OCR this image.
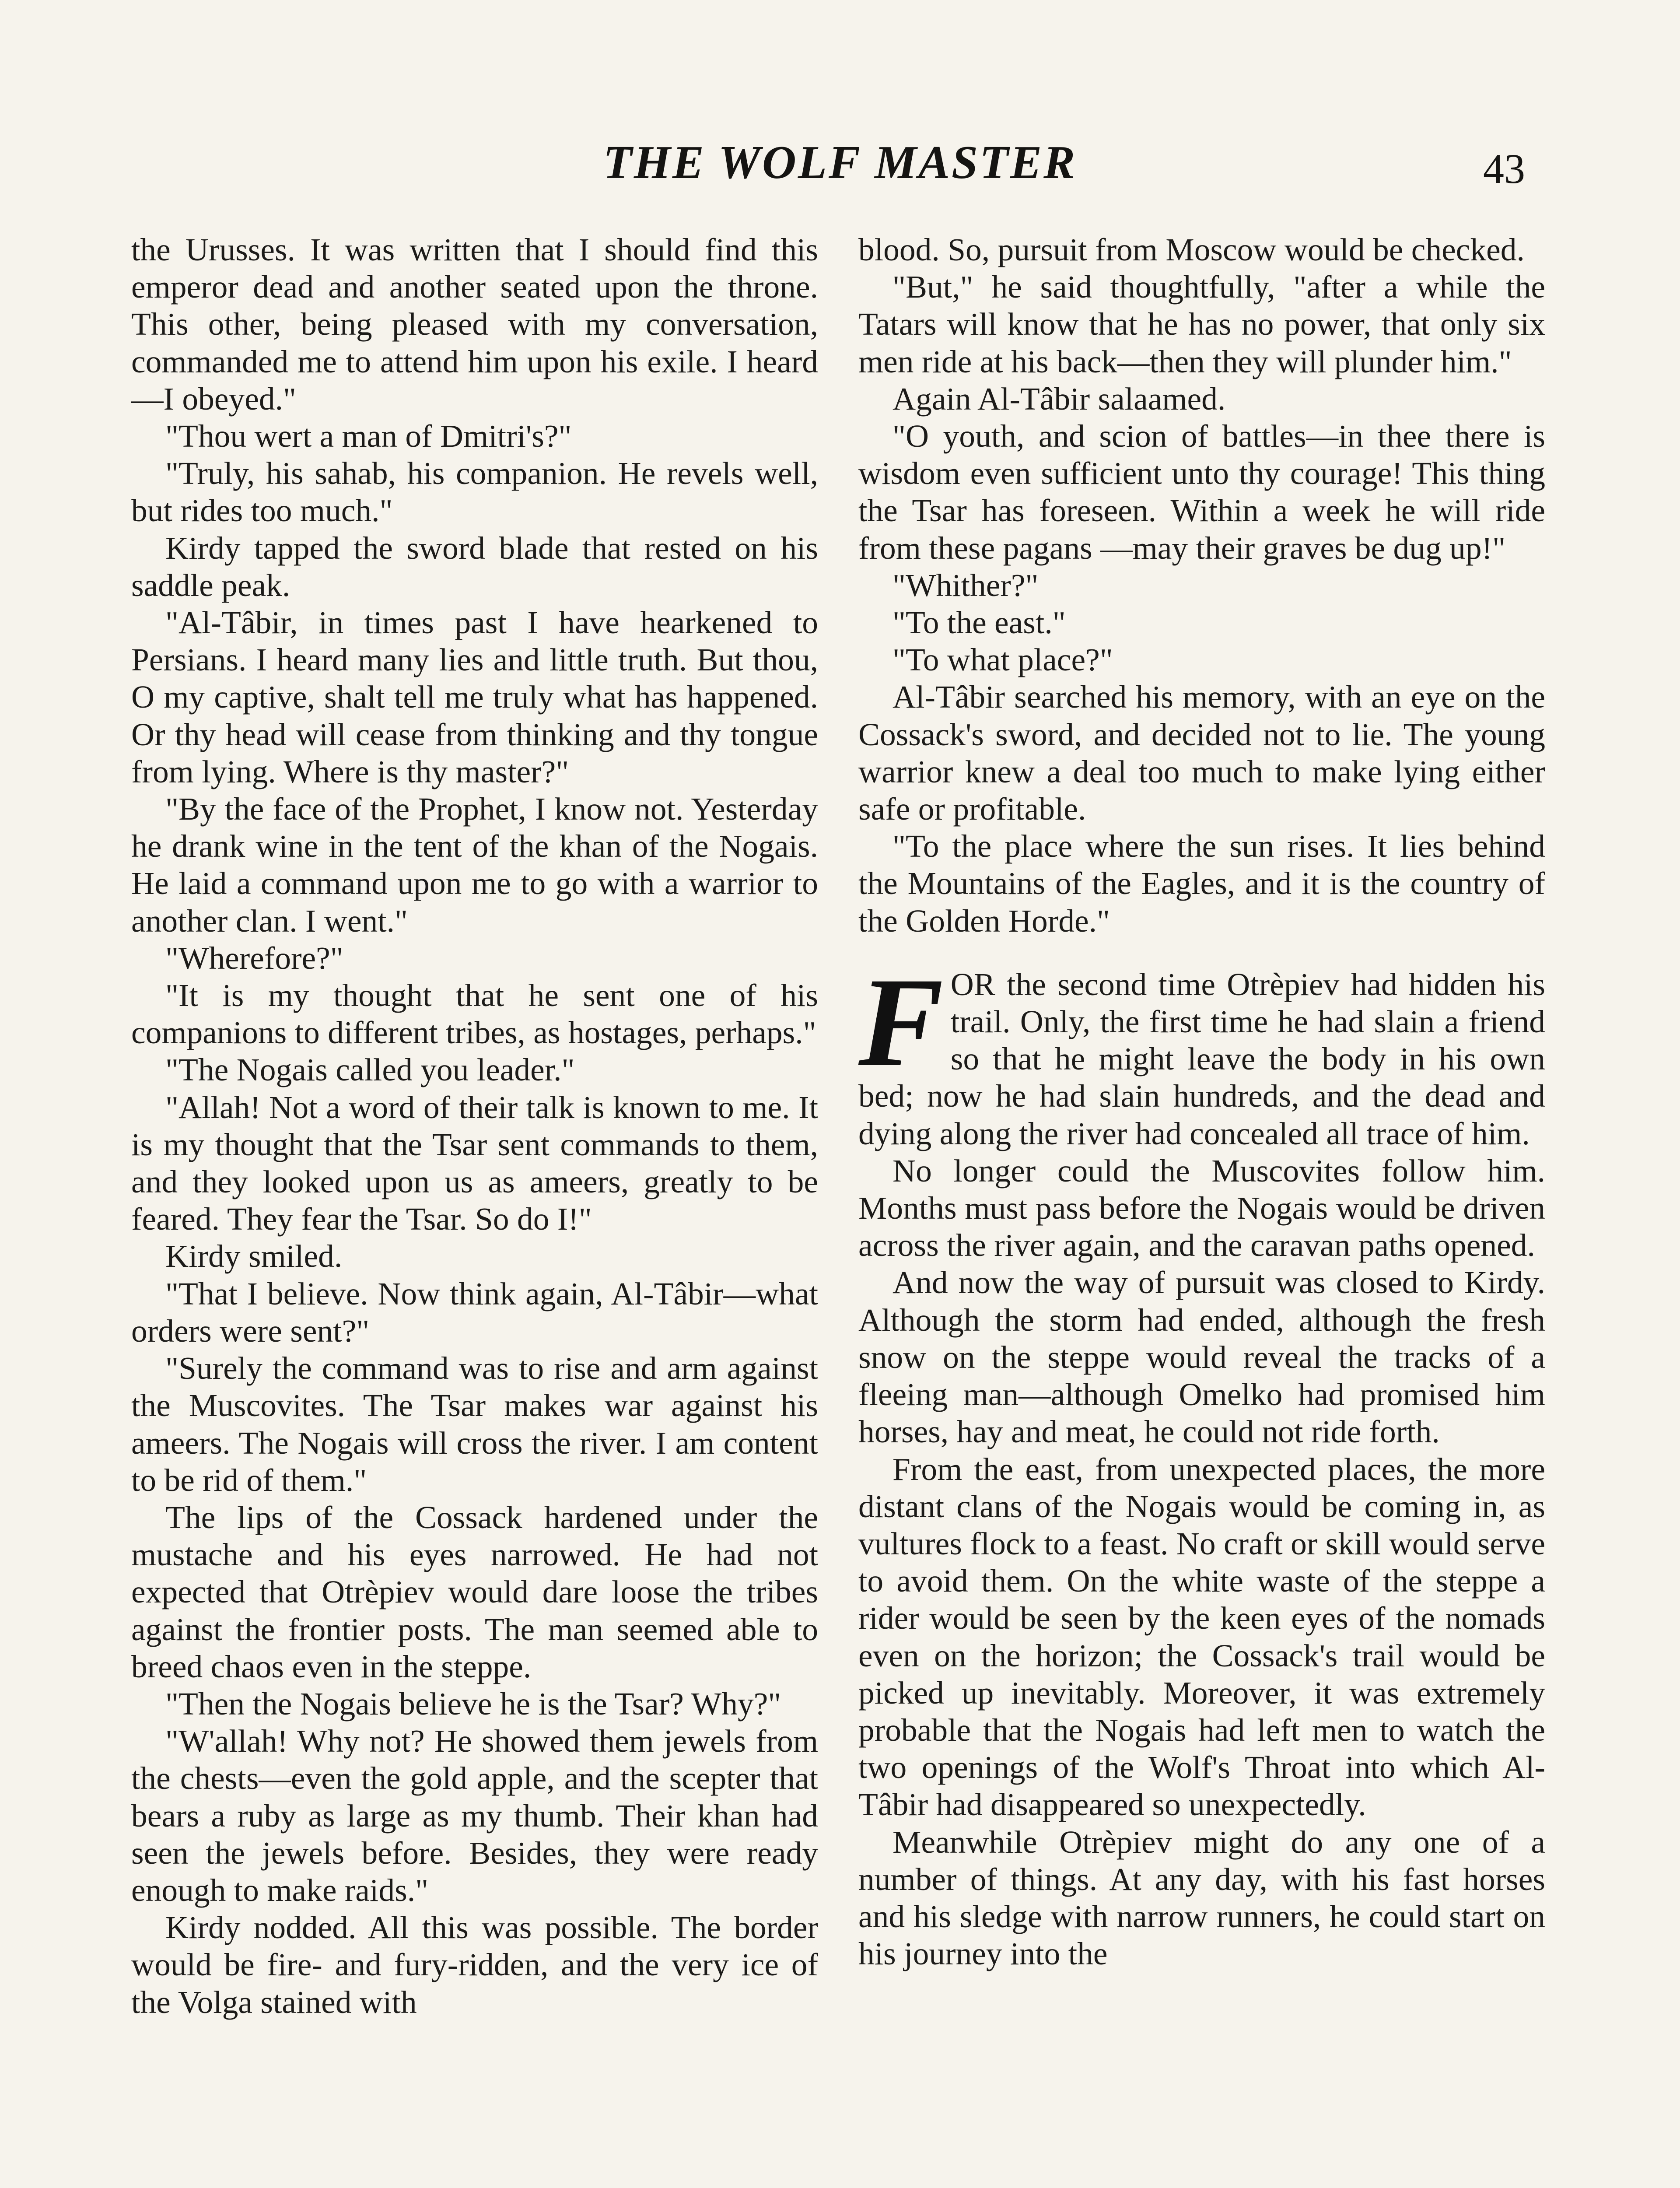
THE WOLF MASTER	43

the Urusses. It was written that I should find this emperor dead and another seated upon the throne. This other, being pleased with my conversation, commanded me to attend him upon his exile. I heard—I obeyed."

"Thou wert a man of Dmitri's?"

"Truly, his sahab, his companion. He revels well, but rides too much."

Kirdy tapped the sword blade that rested on his saddle peak.

"Al-Tâbir, in times past I have hearkened to Persians. I heard many lies and little truth. But thou, O my captive, shalt tell me truly what has happened. Or thy head will cease from thinking and thy tongue from lying. Where is thy master?"

"By the face of the Prophet, I know not. Yesterday he drank wine in the tent of the khan of the Nogais. He laid a command upon me to go with a warrior to another clan. I went."

"Wherefore?"

"It is my thought that he sent one of his companions to different tribes, as hostages, perhaps."

"The Nogais called you leader."

"Allah! Not a word of their talk is known to me. It is my thought that the Tsar sent commands to them, and they looked upon us as ameers, greatly to be feared. They fear the Tsar. So do I!"

Kirdy smiled.

"That I believe. Now think again, Al-Tâbir—what orders were sent?"

"Surely the command was to rise and arm against the Muscovites. The Tsar makes war against his ameers. The Nogais will cross the river. I am content to be rid of them."

The lips of the Cossack hardened under the mustache and his eyes narrowed. He had not expected that Otrèpiev would dare loose the tribes against the frontier posts. The man seemed able to breed chaos even in the steppe.

"Then the Nogais believe he is the Tsar? Why?"

"W'allah! Why not? He showed them jewels from the chests—even the gold apple, and the scepter that bears a ruby as large as my thumb. Their khan had seen the jewels before. Besides, they were ready enough to make raids."

Kirdy nodded. All this was possible. The border would be fire- and fury-ridden, and the very ice of the Volga stained with

blood. So, pursuit from Moscow would be checked.

"But," he said thoughtfully, "after a while the Tatars will know that he has no power, that only six men ride at his back—then they will plunder him."

Again Al-Tâbir salaamed.

"O youth, and scion of battles—in thee there is wisdom even sufficient unto thy courage! This thing the Tsar has foreseen. Within a week he will ride from these pagans —may their graves be dug up!"

"Whither?"

"To the east."

"To what place?"

Al-Tâbir searched his memory, with an eye on the Cossack's sword, and decided not to lie. The young warrior knew a deal too much to make lying either safe or profitable.

"To the place where the sun rises. It lies behind the Mountains of the Eagles, and it is the country of the Golden Horde."

FOR the second time Otrèpiev had hidden his trail. Only, the first time he had slain a friend so that he might leave the body in his own bed; now he had slain hundreds, and the dead and dying along the river had concealed all trace of him.

No longer could the Muscovites follow him. Months must pass before the Nogais would be driven across the river again, and the caravan paths opened.

And now the way of pursuit was closed to Kirdy. Although the storm had ended, although the fresh snow on the steppe would reveal the tracks of a fleeing man—although Omelko had promised him horses, hay and meat, he could not ride forth.

From the east, from unexpected places, the more distant clans of the Nogais would be coming in, as vultures flock to a feast. No craft or skill would serve to avoid them. On the white waste of the steppe a rider would be seen by the keen eyes of the nomads even on the horizon; the Cossack's trail would be picked up inevitably. Moreover, it was extremely probable that the Nogais had left men to watch the two openings of the Wolf's Throat into which Al-Tâbir had disappeared so unexpectedly.

Meanwhile Otrèpiev might do any one of a number of things. At any day, with his fast horses and his sledge with narrow runners, he could start on his journey into the
